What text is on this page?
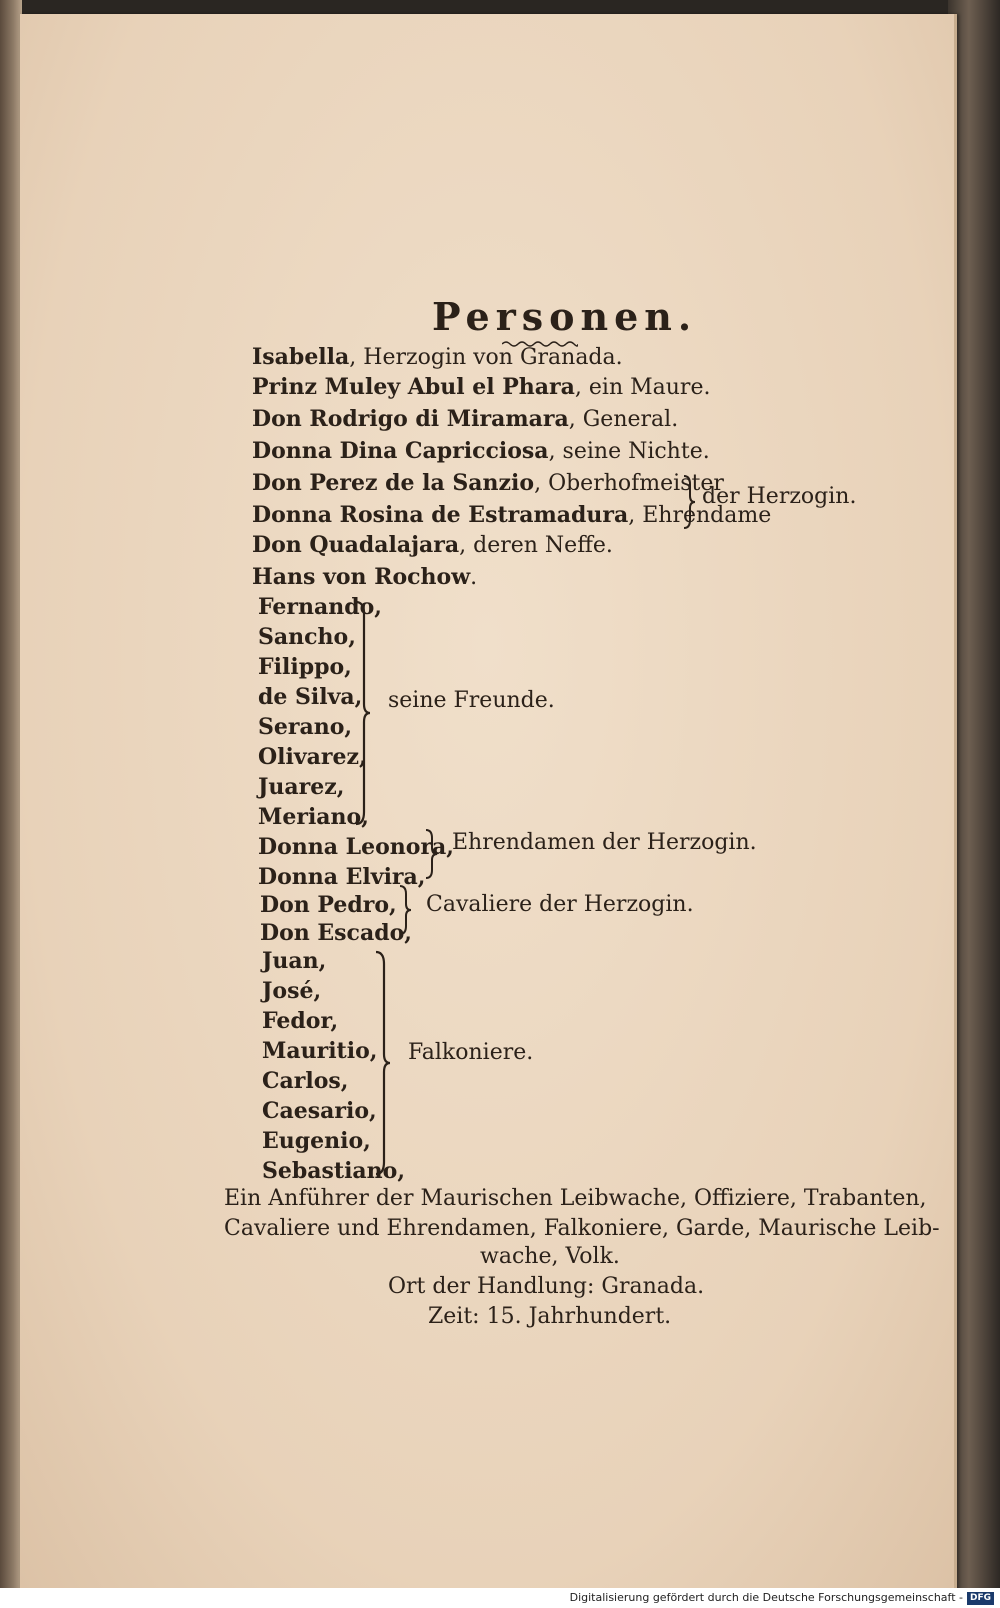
Personen.
Isabella, Herzogin von Granada.
Prinz Muley Abul el Phara, ein Maure.
Don Rodrigo di Miramara, General.
Donna Dina Capricciosa, seine Nichte.
Don Perez de la Sanzio, Oberhofmeister
Donna Rosina de Estramadura, Ehrendame
der Herzogin.
Don Quadalajara, deren Neffe.
Hans von Rochow.
Fernando,
Sancho,
Filippo,
de Silva,
Serano,
Olivarez,
Juarez,
Meriano,
seine Freunde.
Donna Leonora,
Donna Elvira,
Ehrendamen der Herzogin.
Don Pedro,
Don Escado,
Cavaliere der Herzogin.
Juan,
José,
Fedor,
Mauritio,
Carlos,
Caesario,
Eugenio,
Sebastiano,
Falkoniere.
Ein Anführer der Maurischen Leibwache, Offiziere, Trabanten,
Cavaliere und Ehrendamen, Falkoniere, Garde, Maurische Leib-
wache, Volk.
Ort der Handlung: Granada.
Zeit: 15. Jahrhundert.
Digitalisierung gefördert durch die Deutsche Forschungsgemeinschaft - DFG
